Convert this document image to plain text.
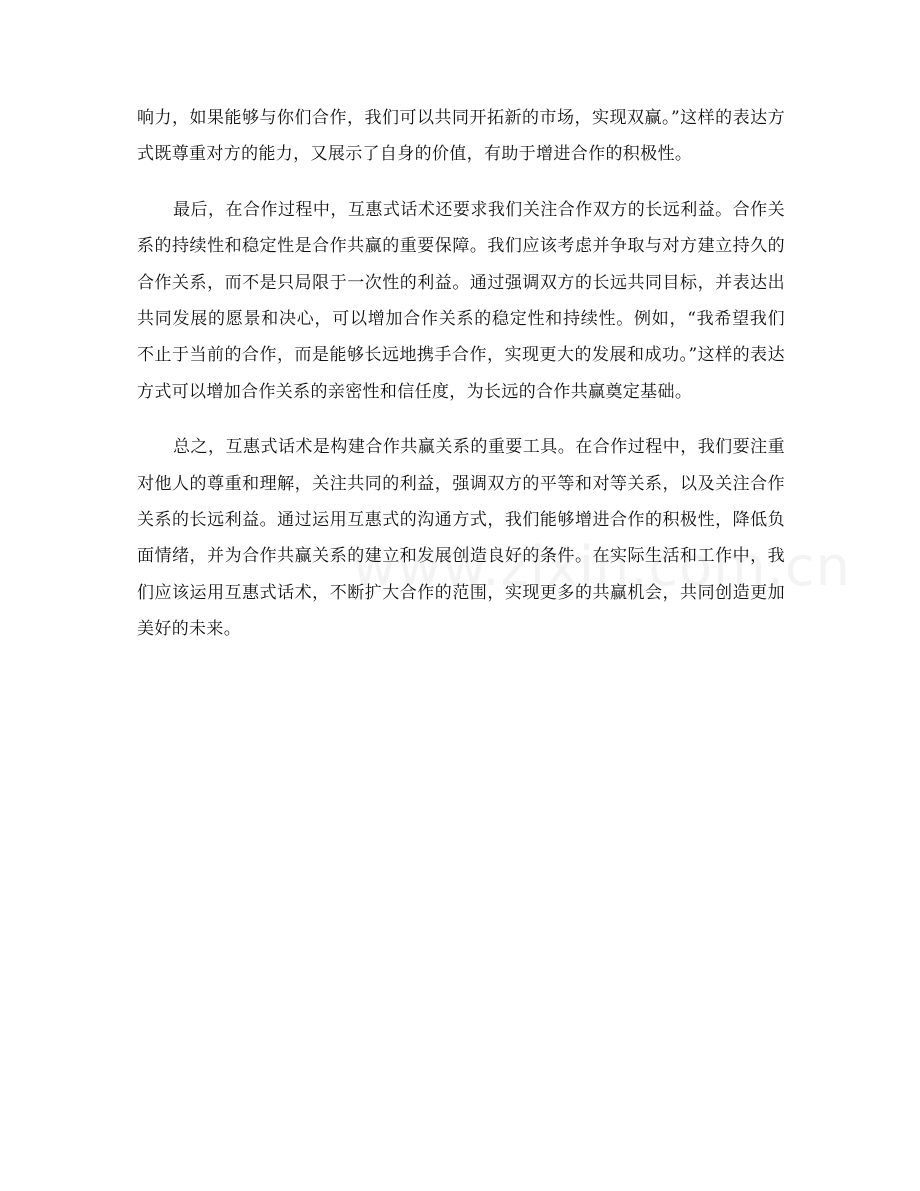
响力，如果能够与你们合作，我们可以共同开拓新的市场，实现双赢。”这样的表达方式既尊重对方的能力，又展示了自身的价值，有助于增进合作的积极性。

最后，在合作过程中，互惠式话术还要求我们关注合作双方的长远利益。合作关系的持续性和稳定性是合作共赢的重要保障。我们应该考虑并争取与对方建立持久的合作关系，而不是只局限于一次性的利益。通过强调双方的长远共同目标，并表达出共同发展的愿景和决心，可以增加合作关系的稳定性和持续性。例如，“我希望我们不止于当前的合作，而是能够长远地携手合作，实现更大的发展和成功。”这样的表达方式可以增加合作关系的亲密性和信任度，为长远的合作共赢奠定基础。

总之，互惠式话术是构建合作共赢关系的重要工具。在合作过程中，我们要注重对他人的尊重和理解，关注共同的利益，强调双方的平等和对等关系，以及关注合作关系的长远利益。通过运用互惠式的沟通方式，我们能够增进合作的积极性，降低负面情绪，并为合作共赢关系的建立和发展创造良好的条件。在实际生活和工作中，我们应该运用互惠式话术，不断扩大合作的范围，实现更多的共赢机会，共同创造更加美好的未来。
